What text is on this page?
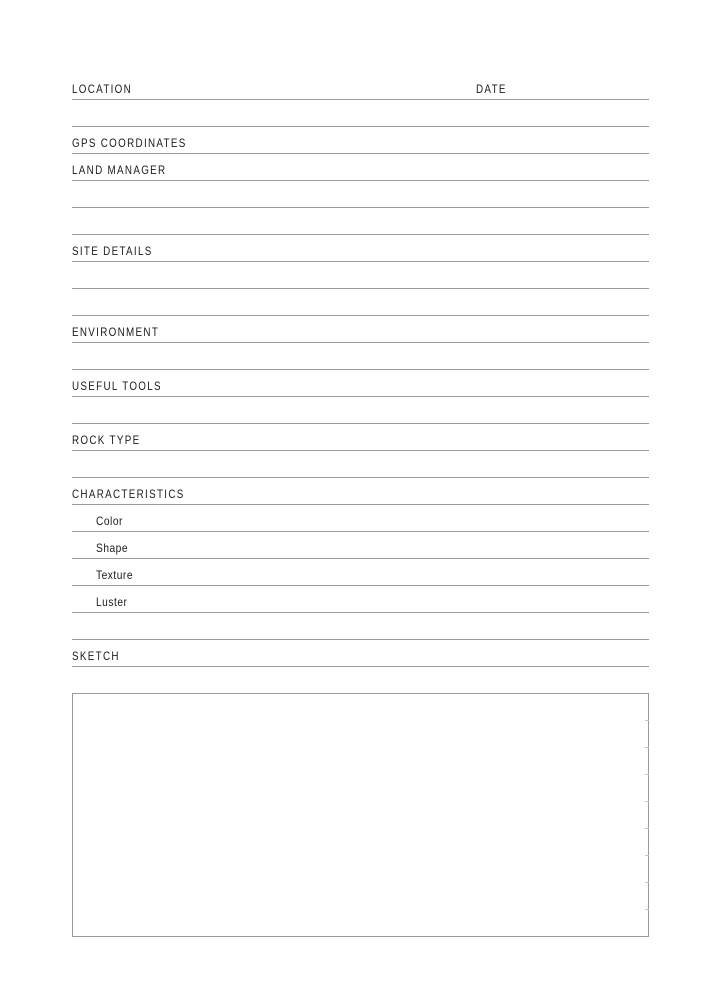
LOCATION	DATE
GPS COORDINATES
LAND MANAGER
SITE DETAILS
ENVIRONMENT
USEFUL TOOLS
ROCK TYPE
CHARACTERISTICS
Color
Shape
Texture
Luster
SKETCH
